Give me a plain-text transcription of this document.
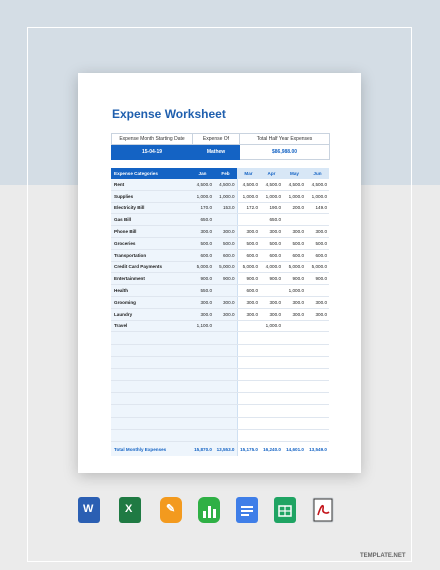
Expense Worksheet
Expense Month Starting Date	Expense Of	Total Half Year Expenses
15-04-19	Mathew	$86,988.00
Expense Categories	Jan	Feb	Mar	Apr	May	Jun
Rent	4,500.0	4,500.0	4,500.0	4,500.0	4,500.0	4,500.0
Supplies	1,000.0	1,000.0	1,000.0	1,000.0	1,000.0	1,000.0
Electricity Bill	170.0	153.0	172.0	190.0	200.0	149.0
Gas Bill	650.0			650.0		
Phone Bill	300.0	300.0	300.0	300.0	300.0	300.0
Groceries	500.0	500.0	500.0	500.0	500.0	500.0
Transportation	600.0	600.0	600.0	600.0	600.0	600.0
Credit Card Payments	5,000.0	5,000.0	5,000.0	4,000.0	5,000.0	5,000.0
Entertainment	900.0	900.0	900.0	900.0	900.0	900.0
Health	550.0		600.0		1,000.0	
Grooming	300.0	300.0	300.0	300.0	300.0	300.0
Laundry	300.0	300.0	300.0	300.0	300.0	300.0
Travel	1,100.0			1,000.0		

Total Monthly Expenses	15,870.0	13,553.0	15,175.0	16,240.0	14,601.0	13,549.0
W	X	✎
TEMPLATE.NET
